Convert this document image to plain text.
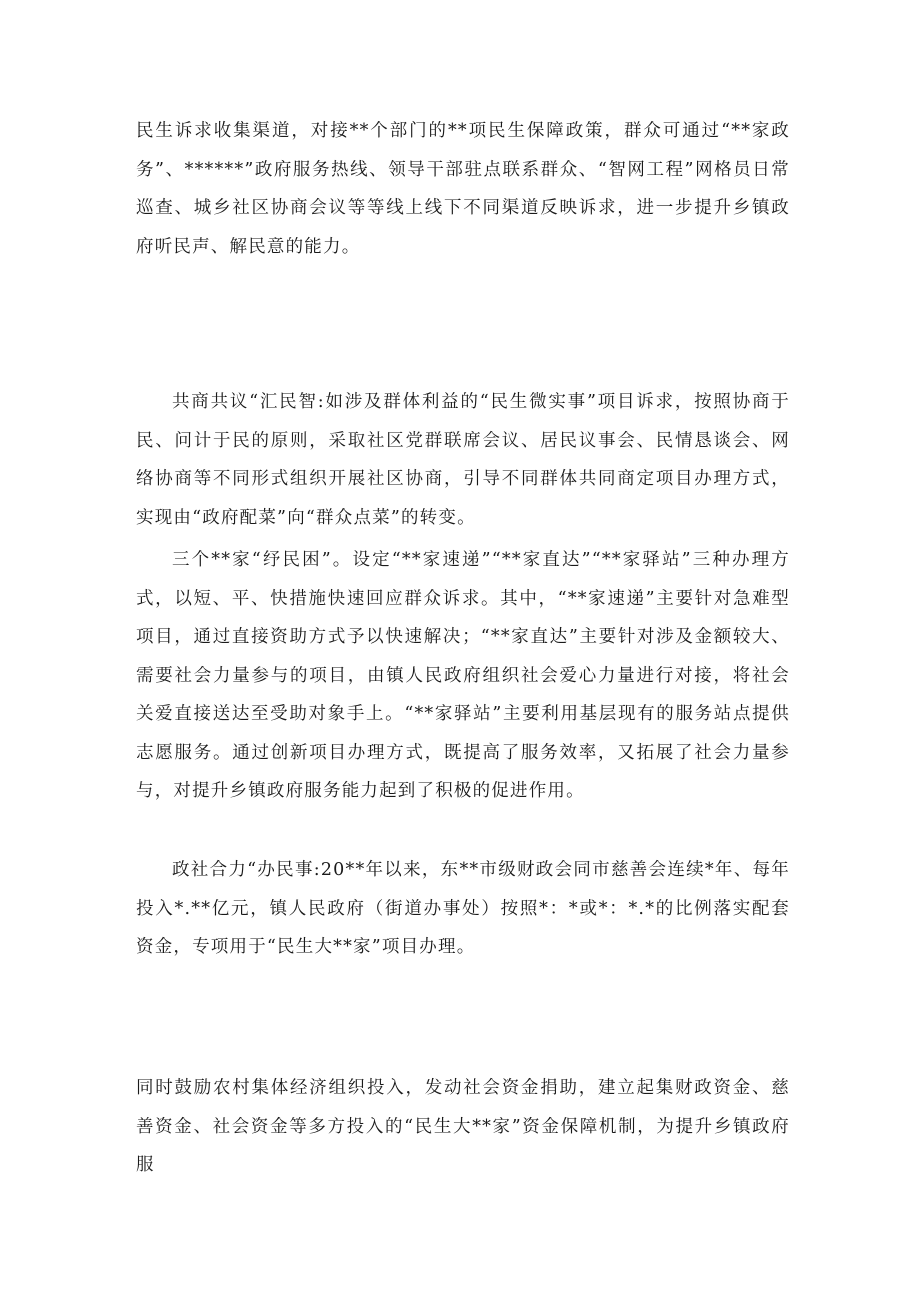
民生诉求收集渠道，对接**个部门的**项民生保障政策，群众可通过“**家政务”、******”政府服务热线、领导干部驻点联系群众、“智网工程”网格员日常巡查、城乡社区协商会议等等线上线下不同渠道反映诉求，进一步提升乡镇政府听民声、解民意的能力。

共商共议“汇民智:如涉及群体利益的“民生微实事”项目诉求，按照协商于民、问计于民的原则，采取社区党群联席会议、居民议事会、民情恳谈会、网络协商等不同形式组织开展社区协商，引导不同群体共同商定项目办理方式，实现由“政府配菜”向“群众点菜”的转变。

三个**家“纾民困”。设定“**家速递”“**家直达”“**家驿站”三种办理方式，以短、平、快措施快速回应群众诉求。其中，“**家速递”主要针对急难型项目，通过直接资助方式予以快速解决；“**家直达”主要针对涉及金额较大、需要社会力量参与的项目，由镇人民政府组织社会爱心力量进行对接，将社会关爱直接送达至受助对象手上。“**家驿站”主要利用基层现有的服务站点提供志愿服务。通过创新项目办理方式，既提高了服务效率，又拓展了社会力量参与，对提升乡镇政府服务能力起到了积极的促进作用。

政社合力“办民事:20**年以来，东**市级财政会同市慈善会连续*年、每年投入*.**亿元，镇人民政府（街道办事处）按照*：*或*：*.*的比例落实配套资金，专项用于“民生大**家”项目办理。

同时鼓励农村集体经济组织投入，发动社会资金捐助，建立起集财政资金、慈善资金、社会资金等多方投入的“民生大**家”资金保障机制，为提升乡镇政府服
